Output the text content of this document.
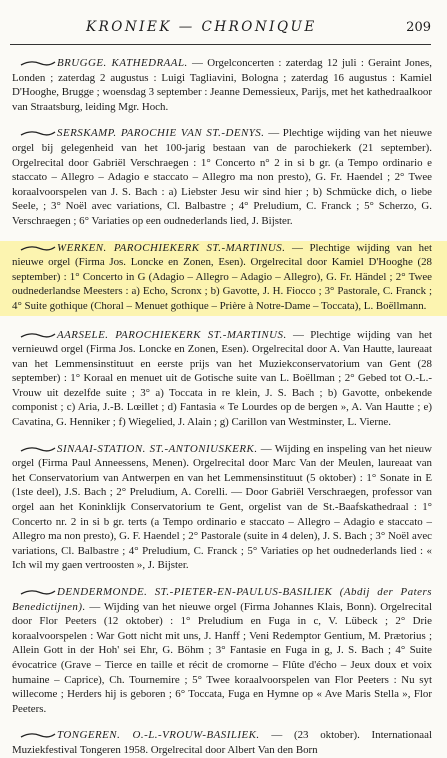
KRONIEK — CHRONIQUE	209
BRUGGE. KATHEDRAAL. — Orgelconcerten : zaterdag 12 juli : Geraint Jones, Londen ; zaterdag 2 augustus : Luigi Tagliavini, Bologna ; zaterdag 16 augustus : Kamiel D'Hooghe, Brugge ; woensdag 3 september : Jeanne Demessieux, Parijs, met het kathedraalkoor van Straatsburg, leiding Mgr. Hoch.
SERSKAMP. PAROCHIE VAN ST.-DENYS. — Plechtige wijding van het nieuwe orgel bij gelegenheid van het 100-jarig bestaan van de parochiekerk (21 september). Orgelrecital door Gabriël Verschraegen : 1° Concerto n° 2 in si b gr. (a Tempo ordinario e staccato – Allegro – Adagio e staccato – Allegro ma non presto), G. Fr. Haendel ; 2° Twee koraalvoorspelen van J. S. Bach : a) Liebster Jesu wir sind hier ; b) Schmücke dich, o liebe Seele, ; 3° Noël avec variations, Cl. Balbastre ; 4° Preludium, C. Franck ; 5° Scherzo, G. Verschraegen ; 6° Variaties op een oudnederlands lied, J. Bijster.
WERKEN. PAROCHIEKERK ST.-MARTINUS. — Plechtige wijding van het nieuwe orgel (Firma Jos. Loncke en Zonen, Esen). Orgelrecital door Kamiel D'Hooghe (28 september) : 1° Concerto in G (Adagio – Allegro – Adagio – Allegro), G. Fr. Händel ; 2° Twee oudnederlandse Meesters : a) Echo, Scronx ; b) Gavotte, J. H. Fiocco ; 3° Pastorale, C. Franck ; 4° Suite gothique (Choral – Menuet gothique – Prière à Notre-Dame – Toccata), L. Boëllmann.
AARSELE. PAROCHIEKERK ST.-MARTINUS. — Plechtige wijding van het vernieuwd orgel (Firma Jos. Loncke en Zonen, Esen). Orgelrecital door A. Van Hautte, laureaat van het Lemmensinstituut en eerste prijs van het Muziekconservatorium van Gent (28 september) : 1° Koraal en menuet uit de Gotische suite van L. Boëllman ; 2° Gebed tot O.-L.-Vrouw uit dezelfde suite ; 3° a) Toccata in re klein, J. S. Bach ; b) Gavotte, onbekende componist ; c) Aria, J.-B. Lœillet ; d) Fantasia « Te Lourdes op de bergen », A. Van Hautte ; e) Cavatina, G. Henniker ; f) Wiegelied, J. Alain ; g) Carillon van Westminster, L. Vierne.
SINAAI-STATION. ST.-ANTONIUSKERK. — Wijding en inspeling van het nieuw orgel (Firma Paul Anneessens, Menen). Orgelrecital door Marc Van der Meulen, laureaat van het Conservatorium van Antwerpen en van het Lemmensinstituut (5 oktober) : 1° Sonate in E (1ste deel), J.S. Bach ; 2° Preludium, A. Corelli. — Door Gabriël Verschraegen, professor van orgel aan het Koninklijk Conservatorium te Gent, orgelist van de St.-Baafskathedraal : 1° Concerto nr. 2 in si b gr. terts (a Tempo ordinario e staccato – Allegro – Adagio e staccato – Allegro ma non presto), G. F. Haendel ; 2° Pastorale (suite in 4 delen), J. S. Bach ; 3° Noël avec variations, Cl. Balbastre ; 4° Preludium, C. Franck ; 5° Variaties op het oudnederlands lied : « Ich wil my gaen vertroosten », J. Bijster.
DENDERMONDE. ST.-PIETER-EN-PAULUS-BASILIEK (Abdij der Paters Benedictijnen). — Wijding van het nieuwe orgel (Firma Johannes Klais, Bonn). Orgelrecital door Flor Peeters (12 oktober) : 1° Preludium en Fuga in c, V. Lübeck ; 2° Drie koraalvoorspelen : War Gott nicht mit uns, J. Hanff ; Veni Redemptor Gentium, M. Prætorius ; Allein Gott in der Hoh' sei Ehr, G. Böhm ; 3° Fantasie en Fuga in g, J. S. Bach ; 4° Suite évocatrice (Grave – Tierce en taille et récit de cromorne – Flûte d'écho – Jeux doux et voix humaine – Caprice), Ch. Tournemire ; 5° Twee koraalvoorspelen van Flor Peeters : Nu syt willecome ; Herders hij is geboren ; 6° Toccata, Fuga en Hymne op « Ave Maris Stella », Flor Peeters.
TONGEREN. O.-L.-VROUW-BASILIEK. — (23 oktober). Internationaal Muziekfestival Tongeren 1958. Orgelrecital door Albert Van den Born
